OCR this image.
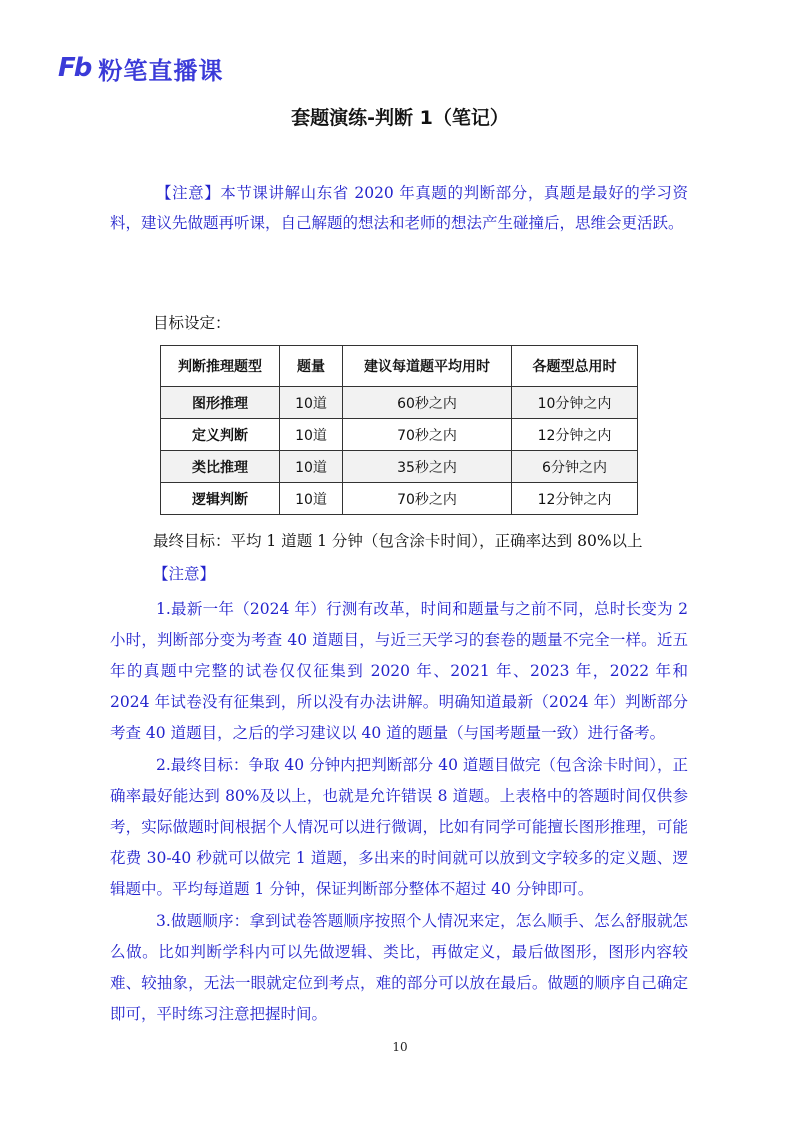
Fb 粉笔直播课
套题演练-判断 1（笔记）
【注意】本节课讲解山东省 2020 年真题的判断部分，真题是最好的学习资料，建议先做题再听课，自己解题的想法和老师的想法产生碰撞后，思维会更活跃。
目标设定：
判断推理题型	题量	建议每道题平均用时	各题型总用时
图形推理	10道	60秒之内	10分钟之内
定义判断	10道	70秒之内	12分钟之内
类比推理	10道	35秒之内	6分钟之内
逻辑判断	10道	70秒之内	12分钟之内
最终目标：平均 1 道题 1 分钟（包含涂卡时间），正确率达到 80%以上
【注意】
1.最新一年（2024 年）行测有改革，时间和题量与之前不同，总时长变为 2 小时，判断部分变为考查 40 道题目，与近三天学习的套卷的题量不完全一样。近五年的真题中完整的试卷仅仅征集到 2020 年、2021 年、2023 年，2022 年和 2024 年试卷没有征集到，所以没有办法讲解。明确知道最新（2024 年）判断部分考查 40 道题目，之后的学习建议以 40 道的题量（与国考题量一致）进行备考。
2.最终目标：争取 40 分钟内把判断部分 40 道题目做完（包含涂卡时间），正确率最好能达到 80%及以上，也就是允许错误 8 道题。上表格中的答题时间仅供参考，实际做题时间根据个人情况可以进行微调，比如有同学可能擅长图形推理，可能花费 30-40 秒就可以做完 1 道题，多出来的时间就可以放到文字较多的定义题、逻辑题中。平均每道题 1 分钟，保证判断部分整体不超过 40 分钟即可。
3.做题顺序：拿到试卷答题顺序按照个人情况来定，怎么顺手、怎么舒服就怎么做。比如判断学科内可以先做逻辑、类比，再做定义，最后做图形，图形内容较难、较抽象，无法一眼就定位到考点，难的部分可以放在最后。做题的顺序自己确定即可，平时练习注意把握时间。
10
